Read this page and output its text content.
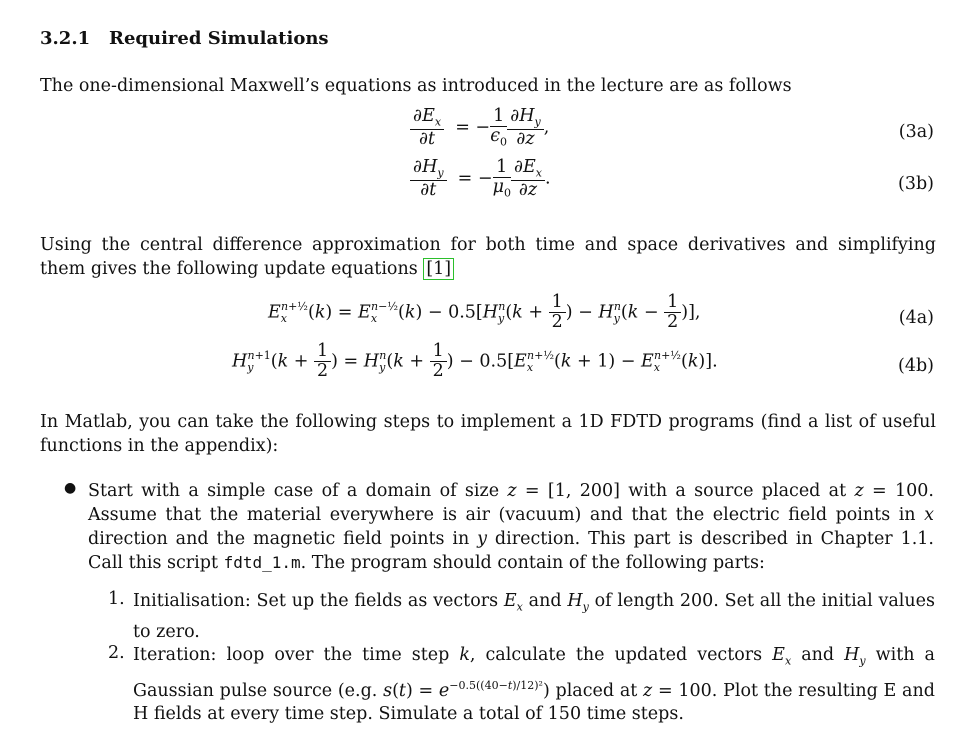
3.2.1 Required Simulations
The one-dimensional Maxwell’s equations as introduced in the lecture are as follows
$\frac{\partial E_x}{\partial t}$ = − $\frac{1}{\epsilon_0} \frac{\partial H_y}{\partial z}$ ,	(3a)
$\frac{\partial H_y}{\partial t}$ = − $\frac{1}{\mu_0} \frac{\partial E_x}{\partial z}$ .	(3b)
Using the central difference approximation for both time and space derivatives and simplifying them gives the following update equations [1]
$E_x^{n+\frac{1}{2}}(k) = E_x^{n-\frac{1}{2}}(k) - 0.5[H_y^n(k + \frac{1}{2}$ ) − $H_y^n(k - \frac{1}{2}$ )],	(4a)
$H_y^{n+1}(k + \frac{1}{2}$ ) = $H_y^n(k + \frac{1}{2}$ ) − $0.5[E_x^{n+\frac{1}{2}}(k + 1) - E_x^{n+\frac{1}{2}}(k)]$.	(4b)
In Matlab, you can take the following steps to implement a 1D FDTD programs (find a list of useful functions in the appendix):
● Start with a simple case of a domain of size z = [1, 200] with a source placed at z = 100. Assume that the material everywhere is air (vacuum) and that the electric field points in x direction and the magnetic field points in y direction. This part is described in Chapter 1.1. Call this script fdtd_1.m. The program should contain of the following parts:
1. Initialisation: Set up the fields as vectors $E_x$ and $H_y$ of length 200. Set all the initial values to zero.
2. Iteration: loop over the time step k, calculate the updated vectors $E_x$ and $H_y$ with a Gaussian pulse source (e.g. $s(t) = e^{-0.5((40-t)/12)^2}$) placed at z = 100. Plot the resulting E and H fields at every time step. Simulate a total of 150 time steps.
